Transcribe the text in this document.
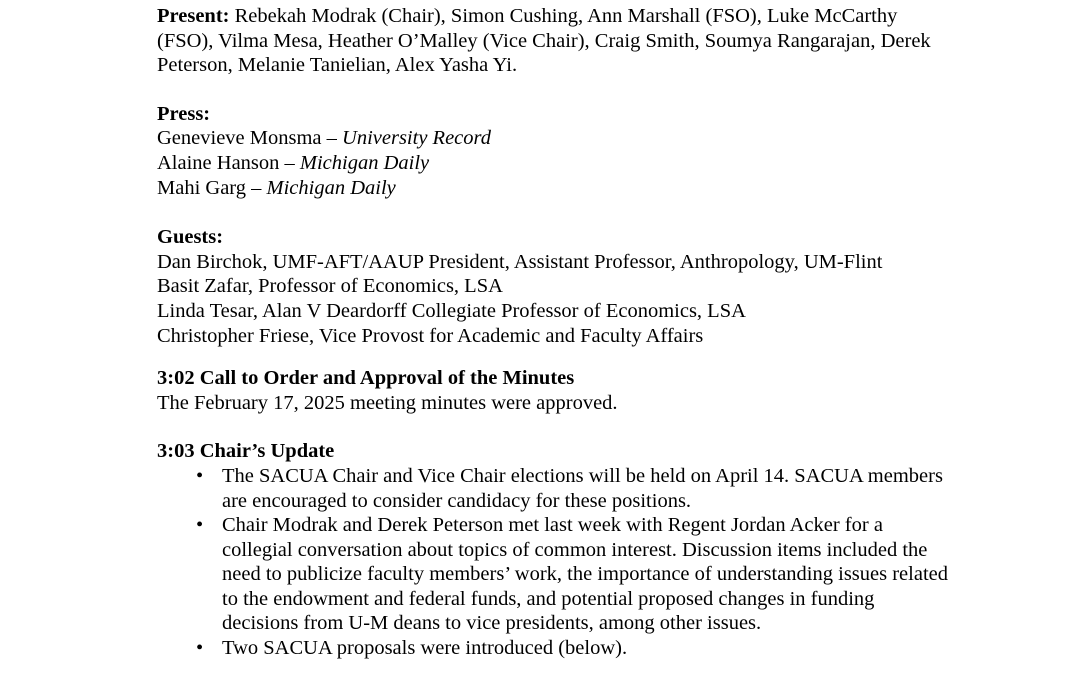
Present: Rebekah Modrak (Chair), Simon Cushing, Ann Marshall (FSO), Luke McCarthy (FSO), Vilma Mesa, Heather O’Malley (Vice Chair), Craig Smith, Soumya Rangarajan, Derek Peterson, Melanie Tanielian, Alex Yasha Yi.

Press:

Genevieve Monsma – University Record

Alaine Hanson – Michigan Daily

Mahi Garg – Michigan Daily

Guests:

Dan Birchok, UMF-AFT/AAUP President, Assistant Professor, Anthropology, UM-Flint

Basit Zafar, Professor of Economics, LSA

Linda Tesar, Alan V Deardorff Collegiate Professor of Economics, LSA

Christopher Friese, Vice Provost for Academic and Faculty Affairs

3:02 Call to Order and Approval of the Minutes

The February 17, 2025 meeting minutes were approved.

3:03 Chair’s Update

• The SACUA Chair and Vice Chair elections will be held on April 14. SACUA members are encouraged to consider candidacy for these positions.
• Chair Modrak and Derek Peterson met last week with Regent Jordan Acker for a collegial conversation about topics of common interest. Discussion items included the need to publicize faculty members’ work, the importance of understanding issues related to the endowment and federal funds, and potential proposed changes in funding decisions from U-M deans to vice presidents, among other issues.
• Two SACUA proposals were introduced (below).
